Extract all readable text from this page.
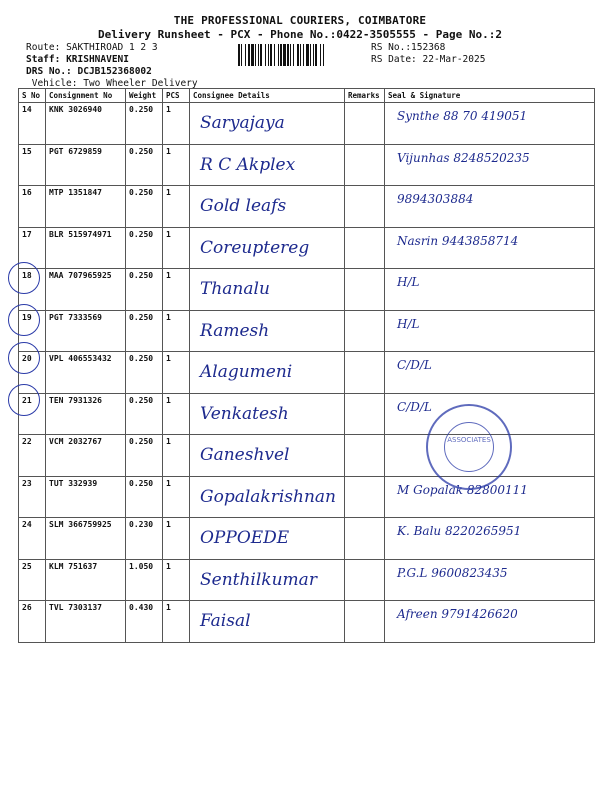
THE PROFESSIONAL COURIERS, COIMBATORE
Delivery Runsheet - PCX - Phone No.:0422-3505555 - Page No.:2
Route: SAKTHIROAD 1 2 3
Staff: KRISHNAVENI
DRS No.: DCJB152368002
Vehicle: Two Wheeler Delivery
RS No.:152368
RS Date: 22-Mar-2025
S No	Consignment No	Weight	PCS	Consignee Details	Remarks	Seal & Signature
14	KNK 3026940	0.250	1	Saryajaya		Synthe 88 70 419051

15	PGT 6729859	0.250	1	R C Akplex		Vijunhas 8248520235

16	MTP 1351847	0.250	1	Gold leafs		9894303884

17	BLR 515974971	0.250	1	Coreuptereg		Nasrin 9443858714

18	MAA 707965925	0.250	1	Thanalu		H/L

19	PGT 7333569	0.250	1	Ramesh		H/L

20	VPL 406553432	0.250	1	Alagumeni		C/D/L

21	TEN 7931326	0.250	1	Venkatesh		C/D/L

22	VCM 2032767	0.250	1	Ganeshvel		

23	TUT 332939	0.250	1	Gopalakrishnan		M Gopalak 82800111

24	SLM 366759925	0.230	1	OPPOEDE		K. Balu 8220265951

25	KLM 751637	1.050	1	Senthilkumar		P.G.L 9600823435

26	TVL 7303137	0.430	1	Faisal		Afreen 9791426620
ASSOCIATES
